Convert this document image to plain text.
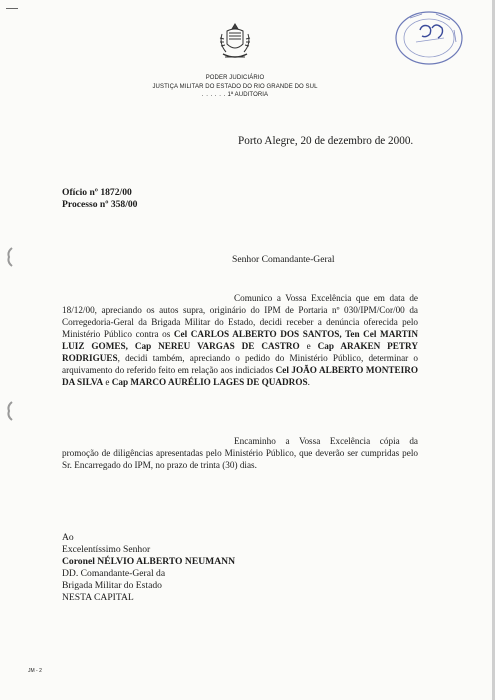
PODER JUDICIÁRIO
JUSTIÇA MILITAR DO ESTADO DO RIO GRANDE DO SUL
. . . . . . 1ª AUDITORIA
Porto Alegre, 20 de dezembro de 2000.
Ofício nº 1872/00
Processo nº 358/00
Senhor Comandante-Geral
Comunico a Vossa Excelência que em data de 18/12/00, apreciando os autos supra, originário do IPM de Portaria nº 030/IPM/Cor/00 da Corregedoria-Geral da Brigada Militar do Estado, decidi receber a denúncia oferecida pelo Ministério Público contra os Cel CARLOS ALBERTO DOS SANTOS, Ten Cel MARTIN LUIZ GOMES, Cap NEREU VARGAS DE CASTRO e Cap ARAKEN PETRY RODRIGUES, decidi também, apreciando o pedido do Ministério Público, determinar o arquivamento do referido feito em relação aos indiciados Cel JOÃO ALBERTO MONTEIRO DA SILVA e Cap MARCO AURÉLIO LAGES DE QUADROS.
Encaminho a Vossa Excelência cópia da promoção de diligências apresentadas pelo Ministério Público, que deverão ser cumpridas pelo Sr. Encarregado do IPM, no prazo de trinta (30) dias.
Ao
Excelentíssimo Senhor
Coronel NÉLVIO ALBERTO NEUMANN
DD. Comandante-Geral da
Brigada Militar do Estado
NESTA CAPITAL
JM - 2
